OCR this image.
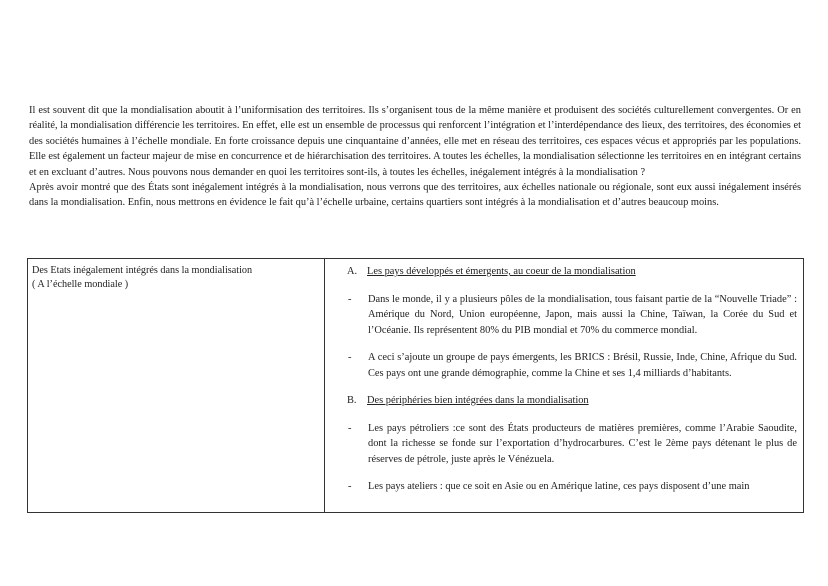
Il est souvent dit que la mondialisation aboutit à l’uniformisation des territoires. Ils s’organisent tous de la même manière et produisent des sociétés culturellement convergentes. Or en réalité, la mondialisation différencie les territoires. En effet, elle est un ensemble de processus qui renforcent l’intégration et l’interdépendance des lieux, des territoires, des économies et des sociétés humaines à l’échelle mondiale. En forte croissance depuis une cinquantaine d’années, elle met en réseau des territoires, ces espaces vécus et appropriés par les populations. Elle est également un facteur majeur de mise en concurrence et de hiérarchisation des territoires. A toutes les échelles, la mondialisation sélectionne les territoires en en intégrant certains et en excluant d’autres. Nous pouvons nous demander en quoi les territoires sont-ils, à toutes les échelles, inégalement intégrés à la mondialisation ?

Après avoir montré que des États sont inégalement intégrés à la mondialisation, nous verrons que des territoires, aux échelles nationale ou régionale, sont eux aussi inégalement insérés dans la mondialisation. Enfin, nous mettrons en évidence le fait qu’à l’échelle urbaine, certains quartiers sont intégrés à la mondialisation et d’autres beaucoup moins.

Des Etats inégalement intégrés dans la mondialisation
( A l’échelle mondiale )
A. Les pays développés et émergents, au coeur de la mondialisation
-	Dans le monde, il y a plusieurs pôles de la mondialisation, tous faisant partie de la “Nouvelle Triade” : Amérique du Nord, Union européenne, Japon, mais aussi la Chine, Taïwan, la Corée du Sud et l’Océanie. Ils représentent 80% du PIB mondial et 70% du commerce mondial.
-	A ceci s’ajoute un groupe de pays émergents, les BRICS : Brésil, Russie, Inde, Chine, Afrique du Sud. Ces pays ont une grande démographie, comme la Chine et ses 1,4 milliards d’habitants.
B.	Des périphéries bien intégrées dans la mondialisation
-	Les pays pétroliers :ce sont des États producteurs de matières premières, comme l’Arabie Saoudite, dont la richesse se fonde sur l’exportation d’hydrocarbures. C’est le 2ème pays détenant le plus de réserves de pétrole, juste après le Vénézuela.
-	Les pays ateliers : que ce soit en Asie ou en Amérique latine, ces pays disposent d’une main
